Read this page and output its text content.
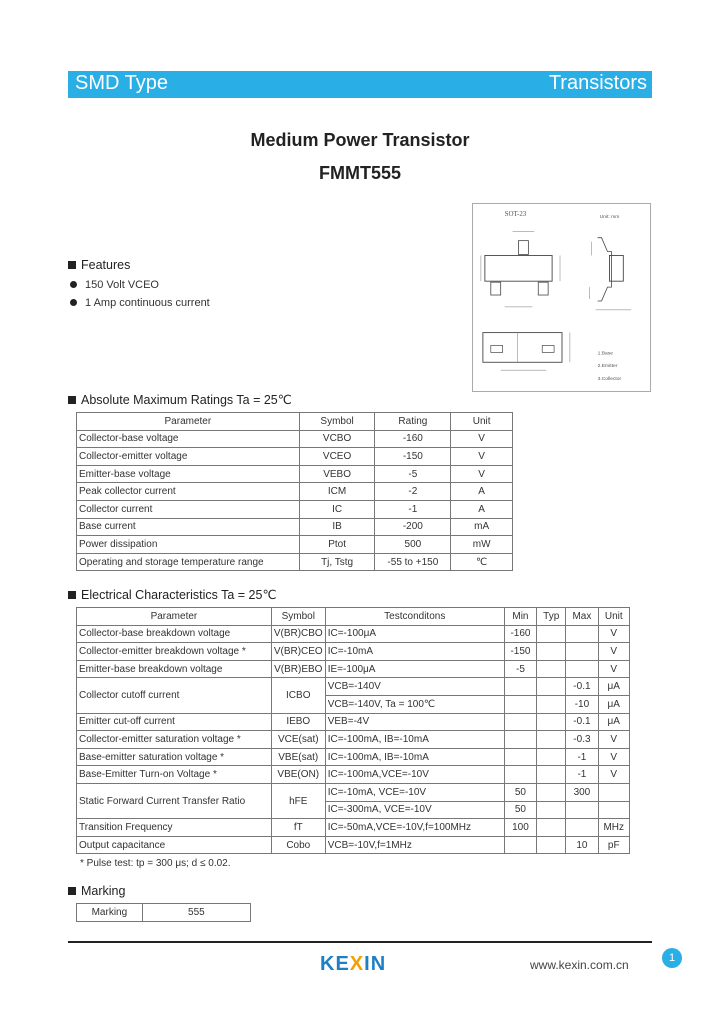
SMD Type	Transistors
Medium Power Transistor
FMMT555
Features
150 Volt VCEO
1 Amp continuous current
SOT-23	Unit: mm
1.Base
2.Emitter
3.Collector
Absolute Maximum Ratings Ta = 25℃
Parameter	Symbol	Rating	Unit
Collector-base voltage	VCBO	-160	V
Collector-emitter voltage	VCEO	-150	V
Emitter-base voltage	VEBO	-5	V
Peak collector current	ICM	-2	A
Collector current	IC	-1	A
Base current	IB	-200	mA
Power dissipation	Ptot	500	mW
Operating and storage temperature range	Tj, Tstg	-55 to +150	℃
Electrical Characteristics Ta = 25℃
Parameter	Symbol	Testconditons	Min	Typ	Max	Unit
Collector-base breakdown voltage	V(BR)CBO	IC=-100μA	-160			V
Collector-emitter breakdown voltage *	V(BR)CEO	IC=-10mA	-150			V
Emitter-base breakdown voltage	V(BR)EBO	IE=-100μA	-5			V
Collector cutoff current	ICBO	VCB=-140V			-0.1	μA
		VCB=-140V, Ta = 100℃			-10	μA
Emitter cut-off current	IEBO	VEB=-4V			-0.1	μA
Collector-emitter saturation voltage *	VCE(sat)	IC=-100mA, IB=-10mA			-0.3	V
Base-emitter saturation voltage *	VBE(sat)	IC=-100mA, IB=-10mA			-1	V
Base-Emitter Turn-on Voltage *	VBE(ON)	IC=-100mA,VCE=-10V			-1	V
Static Forward Current Transfer Ratio	hFE	IC=-10mA, VCE=-10V	50		300	
		IC=-300mA, VCE=-10V	50			
Transition Frequency	fT	IC=-50mA,VCE=-10V,f=100MHz	100			MHz
Output capacitance	Cobo	VCB=-10V,f=1MHz			10	pF
* Pulse test: tp = 300 μs; d ≤ 0.02.
Marking
Marking	555
1
KEXIN	www.kexin.com.cn
